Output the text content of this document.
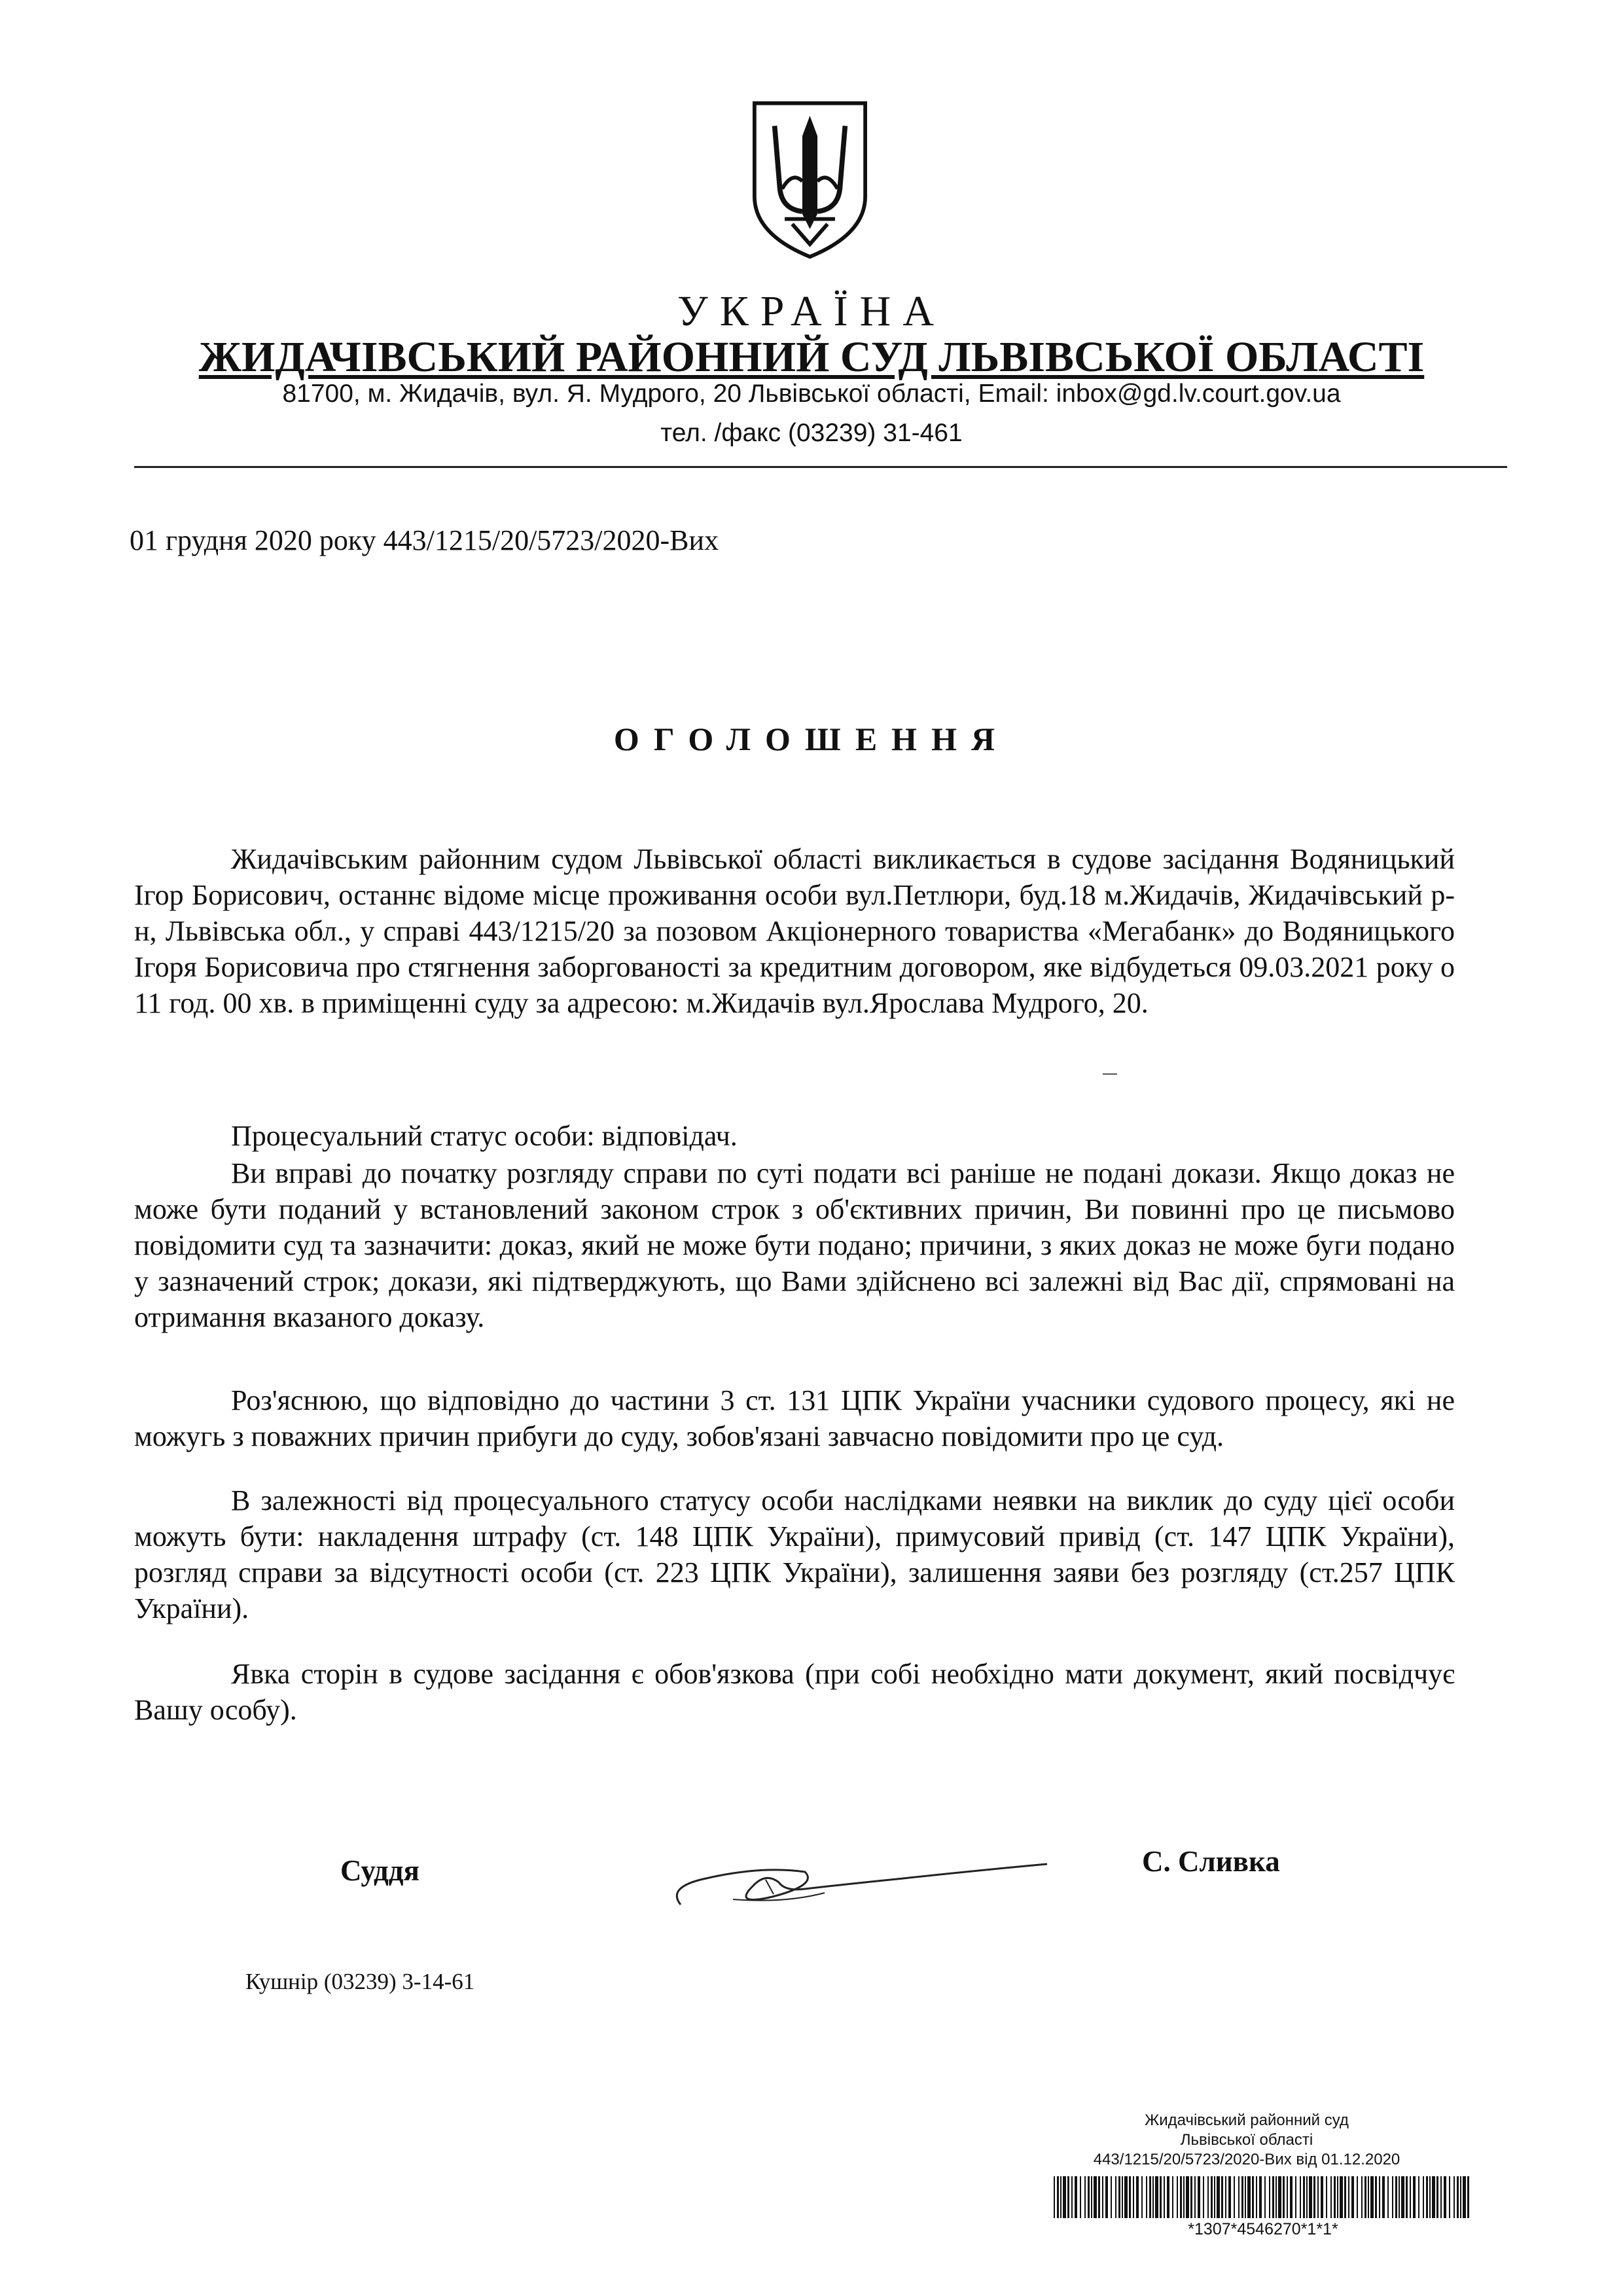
УКРАЇНА
ЖИДАЧІВСЬКИЙ РАЙОННИЙ СУД ЛЬВІВСЬКОЇ ОБЛАСТІ
81700, м. Жидачів, вул. Я. Мудрого, 20 Львівської області, Email: inbox@gd.lv.court.gov.ua
тел. /факс (03239) 31-461
01 грудня 2020 року 443/1215/20/5723/2020-Вих
ОГОЛОШЕННЯ
Жидачівським районним судом Львівської області викликається в судове засідання Водяницький Ігор Борисович, останнє відоме місце проживання особи вул.Петлюри, буд.18 м.Жидачів, Жидачівський р-н, Львівська обл., у справі 443/1215/20 за позовом Акціонерного товариства «Мегабанк» до Водяницького Ігоря Борисовича про стягнення заборгованості за кредитним договором, яке відбудеться 09.03.2021 року о 11 год. 00 хв. в приміщенні суду за адресою: м.Жидачів вул.Ярослава Мудрого, 20.
Процесуальний статус особи: відповідач.
Ви вправі до початку розгляду справи по суті подати всі раніше не подані докази. Якщо доказ не може бути поданий у встановлений законом строк з об'єктивних причин, Ви повинні про це письмово повідомити суд та зазначити: доказ, який не може бути подано; причини, з яких доказ не може буги подано у зазначений строк; докази, які підтверджують, що Вами здійснено всі залежні від Вас дії, спрямовані на отримання вказаного доказу.
Роз'яснюю, що відповідно до частини 3 ст. 131 ЦПК України учасники судового процесу, які не можугь з поважних причин прибуги до суду, зобов'язані завчасно повідомити про це суд.
В залежності від процесуального статусу особи наслідками неявки на виклик до суду цієї особи можуть бути: накладення штрафу (ст. 148 ЦПК України), примусовий привід (ст. 147 ЦПК України), розгляд справи за відсутності особи (ст. 223 ЦПК України), залишення заяви без розгляду (ст.257 ЦПК України).
Явка сторін в судове засідання є обов'язкова (при собі необхідно мати документ, який посвідчує Вашу особу).
Суддя	С. Сливка
Кушнір (03239) 3-14-61
Жидачівський районний суд
Львівської області
443/1215/20/5723/2020-Вих від 01.12.2020
*1307*4546270*1*1*
